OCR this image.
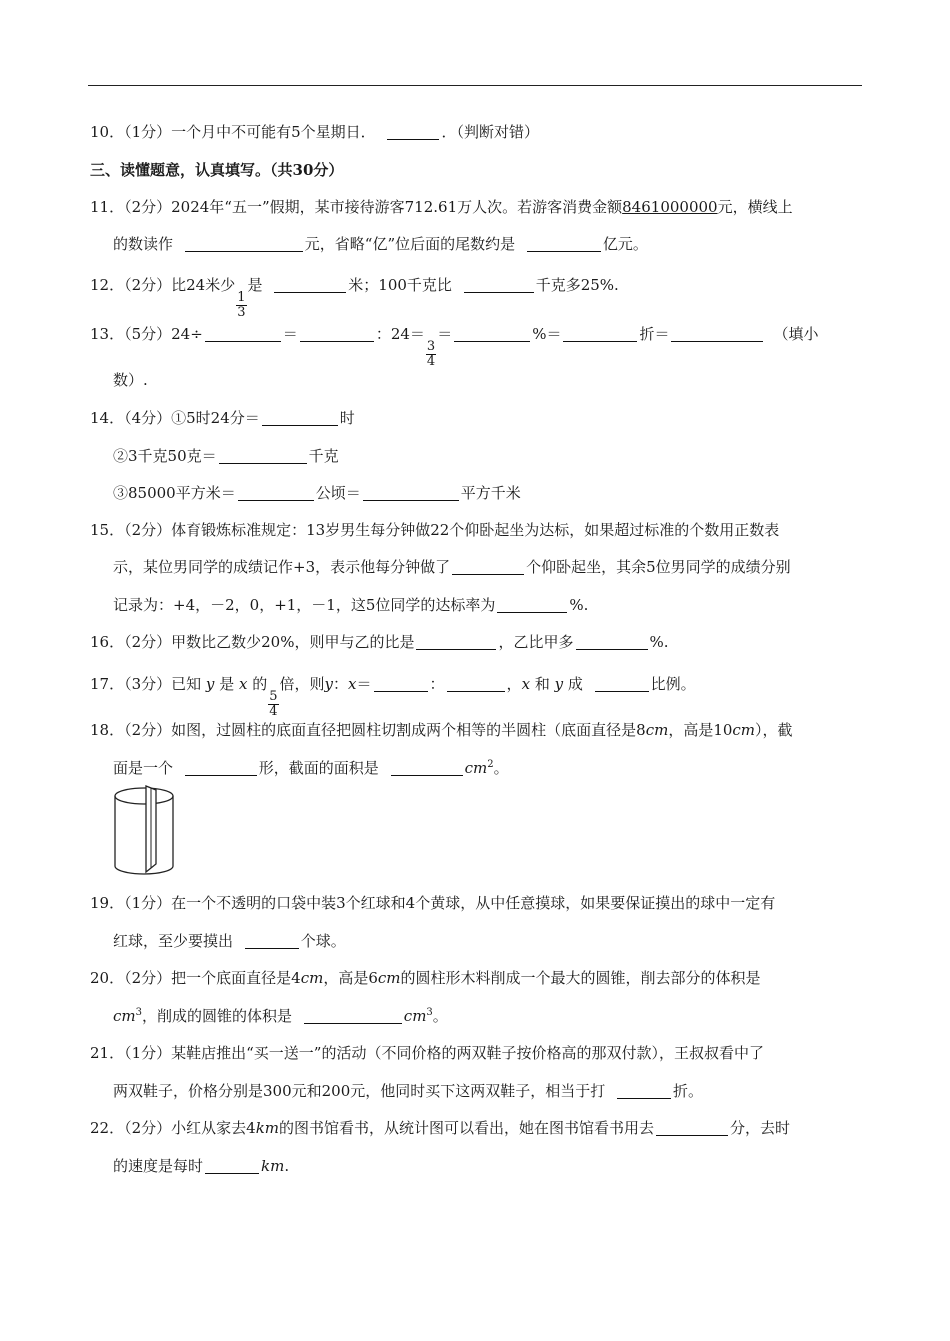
10．（1分）一个月中不可能有5个星期日．	．（判断对错）
三、读懂题意，认真填写。（共30分）
11．（2分）2024年“五一”假期，某市接待游客712.61万人次。若游客消费金额8461000000元，横线上
的数读作	元，省略“亿”位后面的尾数约是	亿元。
12．（2分）比24米少
$\frac{1}{3}$
是	米；100千克比	千克多25%.
13．（5分）24÷	＝	：24＝
$\frac{3}{4}$
＝	%＝	折＝	（填小
数）.
14．（4分）①5时24分＝	时
②3千克50克＝	千克
③85000平方米＝	公顷＝	平方千米
15．（2分）体育锻炼标准规定：13岁男生每分钟做22个仰卧起坐为达标，如果超过标准的个数用正数表
示，某位男同学的成绩记作+3，表示他每分钟做了	个仰卧起坐，其余5位男同学的成绩分别
记录为：+4，－2，0，+1，－1，这5位同学的达标率为	%.
16．（2分）甲数比乙数少20%，则甲与乙的比是	，乙比甲多	%.
17．（3分）已知 y 是 x 的
$\frac{5}{4}$
倍，则y：x＝	：	，x 和 y 成	比例。
18．（2分）如图，过圆柱的底面直径把圆柱切割成两个相等的半圆柱（底面直径是8cm，高是10cm），截
面是一个	形，截面的面积是	$cm^2$。
19．（1分）在一个不透明的口袋中装3个红球和4个黄球，从中任意摸球，如果要保证摸出的球中一定有
红球，至少要摸出	个球。
20．（2分）把一个底面直径是4cm，高是6cm的圆柱形木料削成一个最大的圆锥，削去部分的体积是
$cm^3$，削成的圆锥的体积是	$cm^3$。
21．（1分）某鞋店推出“买一送一”的活动（不同价格的两双鞋子按价格高的那双付款），王叔叔看中了
两双鞋子，价格分别是300元和200元，他同时买下这两双鞋子，相当于打	折。
22．（2分）小红从家去4km的图书馆看书，从统计图可以看出，她在图书馆看书用去	分，去时
的速度是每时	km.
